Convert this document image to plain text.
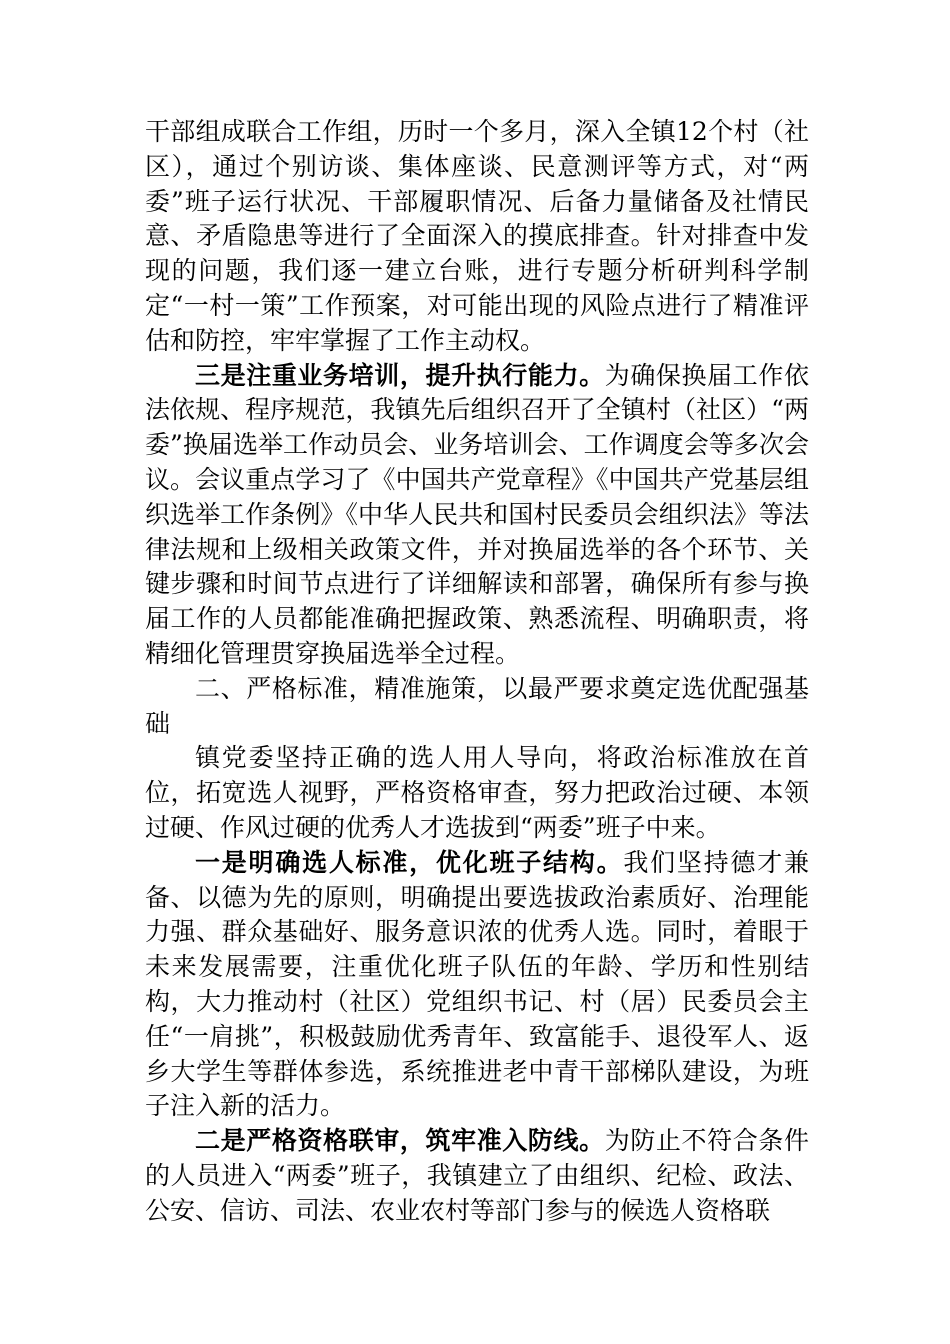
干部组成联合工作组，历时一个多月，深入全镇12个村（社区），通过个别访谈、集体座谈、民意测评等方式，对“两委”班子运行状况、干部履职情况、后备力量储备及社情民意、矛盾隐患等进行了全面深入的摸底排查。针对排查中发现的问题，我们逐一建立台账，进行专题分析研判科学制定“一村一策”工作预案，对可能出现的风险点进行了精准评估和防控，牢牢掌握了工作主动权。

三是注重业务培训，提升执行能力。为确保换届工作依法依规、程序规范，我镇先后组织召开了全镇村（社区）“两委”换届选举工作动员会、业务培训会、工作调度会等多次会议。会议重点学习了《中国共产党章程》《中国共产党基层组织选举工作条例》《中华人民共和国村民委员会组织法》等法律法规和上级相关政策文件，并对换届选举的各个环节、关键步骤和时间节点进行了详细解读和部署，确保所有参与换届工作的人员都能准确把握政策、熟悉流程、明确职责，将精细化管理贯穿换届选举全过程。

二、严格标准，精准施策，以最严要求奠定选优配强基础

镇党委坚持正确的选人用人导向，将政治标准放在首位，拓宽选人视野，严格资格审查，努力把政治过硬、本领过硬、作风过硬的优秀人才选拔到“两委”班子中来。

一是明确选人标准，优化班子结构。我们坚持德才兼备、以德为先的原则，明确提出要选拔政治素质好、治理能力强、群众基础好、服务意识浓的优秀人选。同时，着眼于未来发展需要，注重优化班子队伍的年龄、学历和性别结构，大力推动村（社区）党组织书记、村（居）民委员会主任“一肩挑”，积极鼓励优秀青年、致富能手、退役军人、返乡大学生等群体参选，系统推进老中青干部梯队建设，为班子注入新的活力。

二是严格资格联审，筑牢准入防线。为防止不符合条件的人员进入“两委”班子，我镇建立了由组织、纪检、政法、公安、信访、司法、农业农村等部门参与的候选人资格联
